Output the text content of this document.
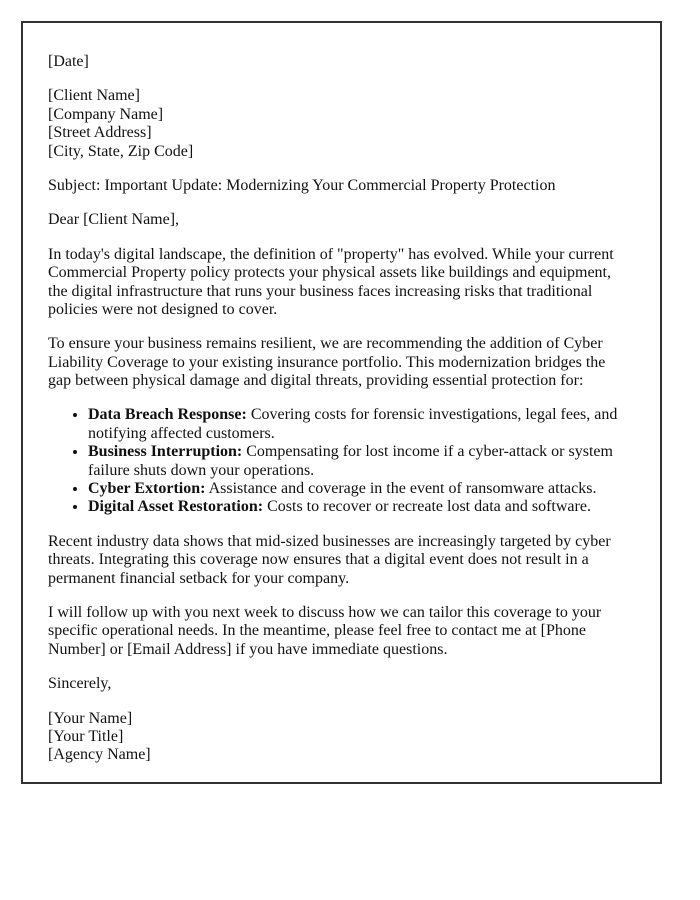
[Date]

[Client Name]
[Company Name]
[Street Address]
[City, State, Zip Code]

Subject: Important Update: Modernizing Your Commercial Property Protection

Dear [Client Name],

In today's digital landscape, the definition of "property" has evolved. While your current Commercial Property policy protects your physical assets like buildings and equipment, the digital infrastructure that runs your business faces increasing risks that traditional policies were not designed to cover.

To ensure your business remains resilient, we are recommending the addition of Cyber Liability Coverage to your existing insurance portfolio. This modernization bridges the gap between physical damage and digital threats, providing essential protection for:

• Data Breach Response: Covering costs for forensic investigations, legal fees, and notifying affected customers.
• Business Interruption: Compensating for lost income if a cyber-attack or system failure shuts down your operations.
• Cyber Extortion: Assistance and coverage in the event of ransomware attacks.
• Digital Asset Restoration: Costs to recover or recreate lost data and software.

Recent industry data shows that mid-sized businesses are increasingly targeted by cyber threats. Integrating this coverage now ensures that a digital event does not result in a permanent financial setback for your company.

I will follow up with you next week to discuss how we can tailor this coverage to your specific operational needs. In the meantime, please feel free to contact me at [Phone Number] or [Email Address] if you have immediate questions.

Sincerely,

[Your Name]
[Your Title]
[Agency Name]
